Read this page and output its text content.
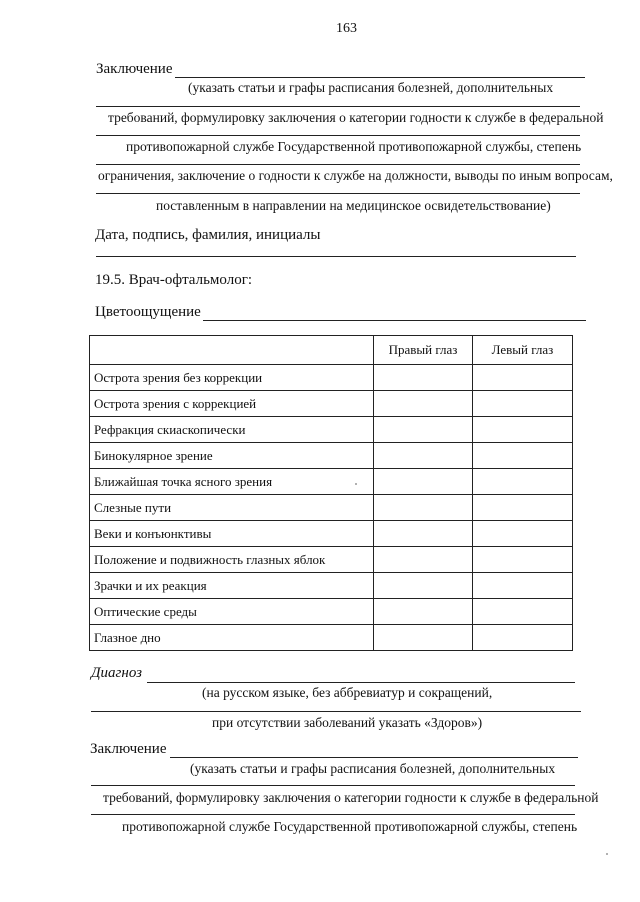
163
Заключение
(указать статьи и графы расписания болезней, дополнительных
требований, формулировку заключения о категории годности к службе в федеральной
противопожарной службе Государственной противопожарной службы, степень
ограничения, заключение о годности к службе на должности, выводы по иным вопросам,
поставленным в направлении на медицинское освидетельствование)
Дата, подпись, фамилия, инициалы
19.5. Врач-офтальмолог:
Цветоощущение
	Правый глаз	Левый глаз
Острота зрения без коррекции		
Острота зрения с коррекцией		
Рефракция скиаскопически		
Бинокулярное зрение		
Ближайшая точка ясного зрения		
Слезные пути		
Веки и конъюнктивы		
Положение и подвижность глазных яблок		
Зрачки и их реакция		
Оптические среды		
Глазное дно		
Диагноз
(на русском языке, без аббревиатур и сокращений,
при отсутствии заболеваний указать «Здоров»)
Заключение
(указать статьи и графы расписания болезней, дополнительных
требований, формулировку заключения о категории годности к службе в федеральной
противопожарной службе Государственной противопожарной службы, степень
